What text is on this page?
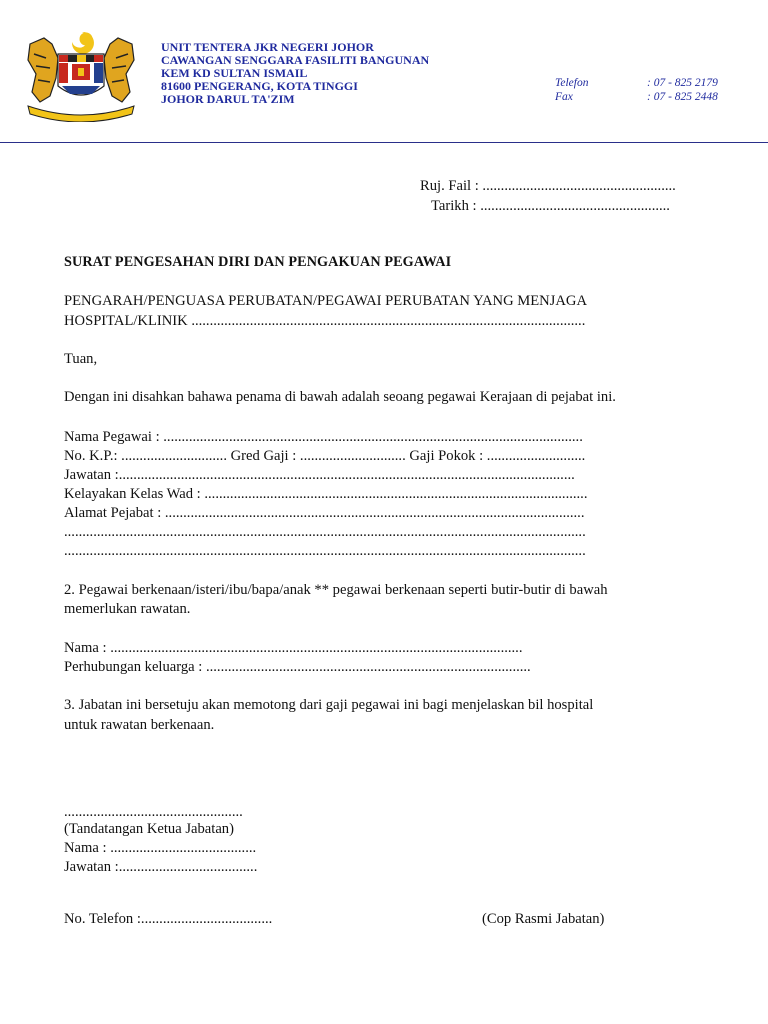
UNIT TENTERA JKR NEGERI JOHOR
CAWANGAN SENGGARA FASILITI BANGUNAN
KEM KD SULTAN ISMAIL
81600 PENGERANG, KOTA TINGGI
JOHOR DARUL TA'ZIM
Telefon	: 07 - 825 2179
Fax	: 07 - 825 2448
Ruj. Fail : .....................................................
Tarikh : ....................................................
SURAT PENGESAHAN DIRI DAN PENGAKUAN PEGAWAI
PENGARAH/PENGUASA PERUBATAN/PEGAWAI PERUBATAN YANG MENJAGA
HOSPITAL/KLINIK ............................................................................................................
Tuan,
Dengan ini disahkan bahawa penama di bawah adalah seoang pegawai Kerajaan di pejabat ini.
Nama Pegawai : ...................................................................................................................
No. K.P.: ............................. Gred Gaji : ............................. Gaji Pokok : ...........................
Jawatan :.............................................................................................................................
Kelayakan Kelas Wad : .........................................................................................................
Alamat Pejabat : ...................................................................................................................
...............................................................................................................................................
...............................................................................................................................................
2. Pegawai berkenaan/isteri/ibu/bapa/anak ** pegawai berkenaan seperti butir-butir di bawah
memerlukan rawatan.
Nama : .................................................................................................................
Perhubungan keluarga : .........................................................................................
3. Jabatan ini bersetuju akan memotong dari gaji pegawai ini bagi menjelaskan bil hospital
untuk rawatan berkenaan.
.................................................
(Tandatangan Ketua Jabatan)
Nama : ........................................
Jawatan :......................................
No. Telefon :....................................	(Cop Rasmi Jabatan)
